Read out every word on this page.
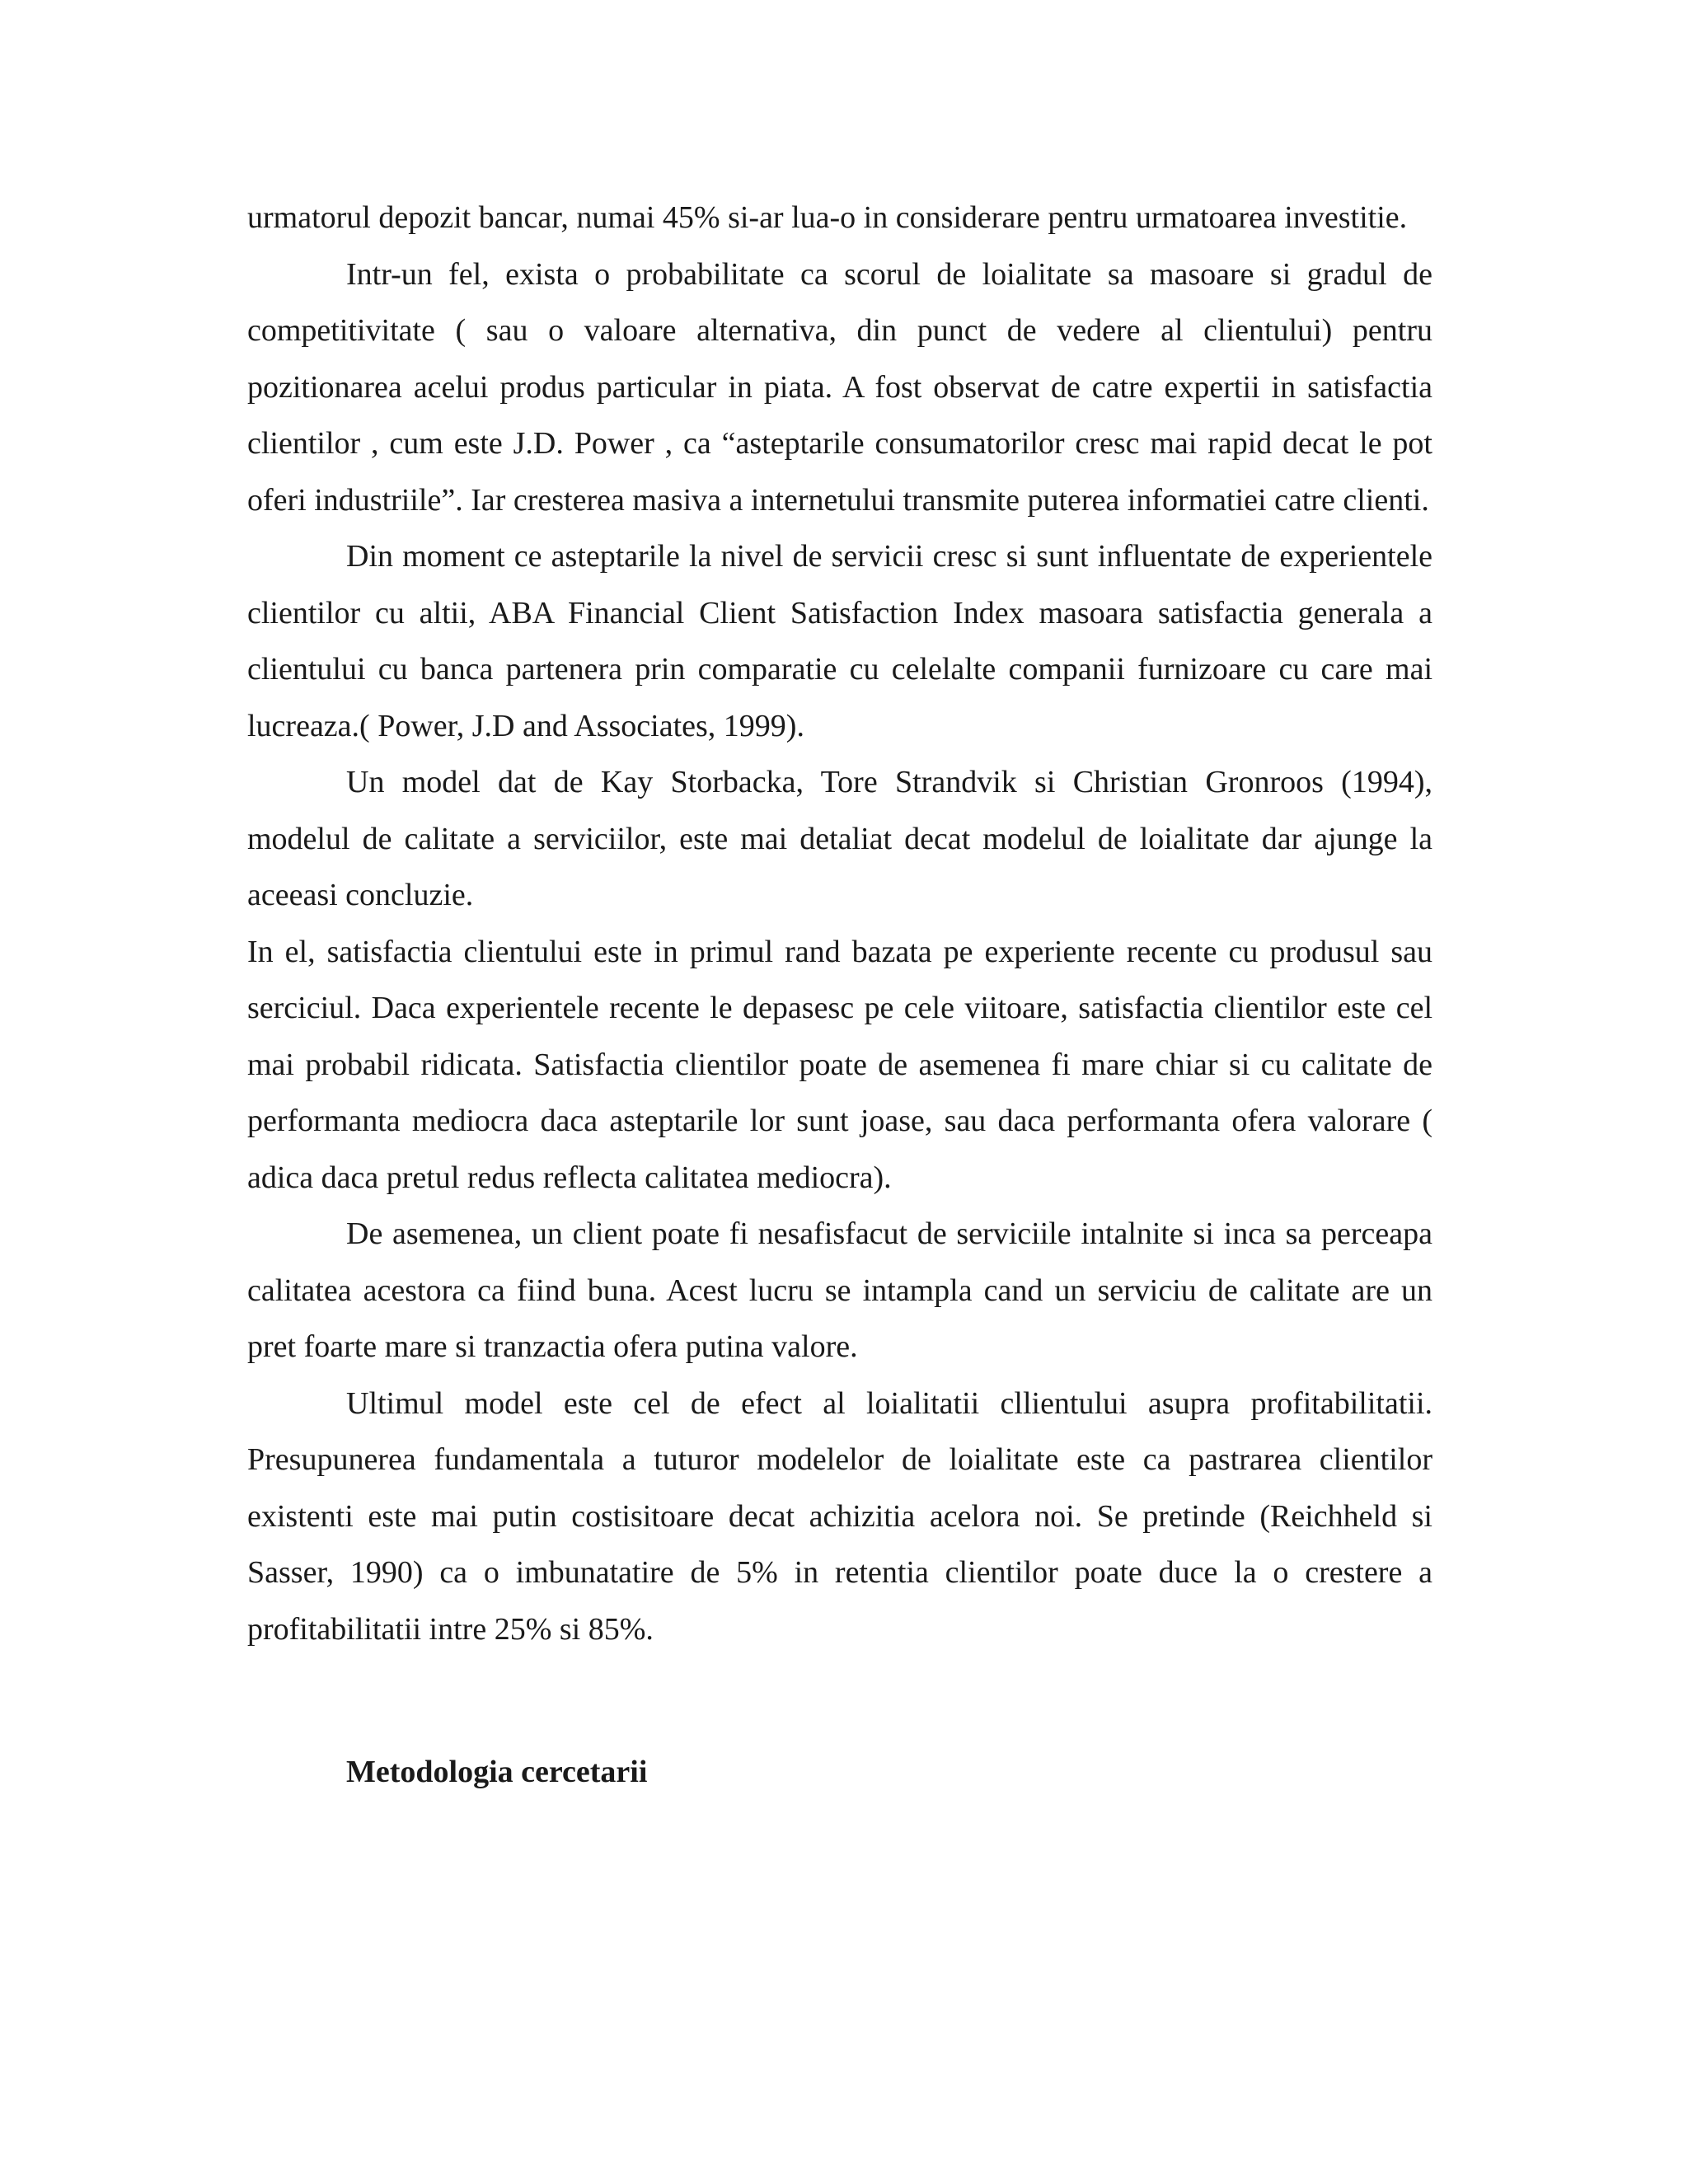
urmatorul depozit bancar, numai 45% si-ar lua-o in considerare pentru urmatoarea investitie.

Intr-un fel, exista o probabilitate ca scorul de loialitate sa masoare si gradul de competitivitate ( sau o valoare alternativa, din punct de vedere al clientului) pentru pozitionarea acelui produs particular in piata. A fost observat de catre expertii in satisfactia clientilor , cum este J.D. Power , ca “asteptarile consumatorilor cresc mai rapid decat le pot oferi industriile”. Iar cresterea masiva a internetului transmite puterea informatiei catre clienti.

Din moment ce asteptarile la nivel de servicii cresc si sunt influentate de experientele clientilor cu altii, ABA Financial Client Satisfaction Index masoara satisfactia generala a clientului cu banca partenera prin comparatie cu celelalte companii furnizoare cu care mai lucreaza.( Power, J.D and Associates, 1999).

Un model dat de Kay Storbacka, Tore Strandvik si Christian Gronroos (1994), modelul de calitate a serviciilor, este mai detaliat decat modelul de loialitate dar ajunge la aceeasi concluzie.

In el, satisfactia clientului este in primul rand bazata pe experiente recente cu produsul sau serciciul. Daca experientele recente le depasesc pe cele viitoare, satisfactia clientilor este cel mai probabil ridicata. Satisfactia clientilor poate de asemenea fi mare chiar si cu calitate de performanta mediocra daca asteptarile lor sunt joase, sau daca performanta ofera valorare ( adica daca pretul redus reflecta calitatea mediocra).

De asemenea, un client poate fi nesafisfacut de serviciile intalnite si inca sa perceapa calitatea acestora ca fiind buna. Acest lucru se intampla cand un serviciu de calitate are un pret foarte mare si tranzactia ofera putina valore.

Ultimul model este cel de efect al loialitatii cllientului asupra profitabilitatii. Presupunerea fundamentala a tuturor modelelor de loialitate este ca pastrarea clientilor existenti este mai putin costisitoare decat achizitia acelora noi. Se pretinde (Reichheld si Sasser, 1990) ca o imbunatatire de 5% in retentia clientilor poate duce la o crestere a profitabilitatii intre 25% si 85%.

Metodologia cercetarii
